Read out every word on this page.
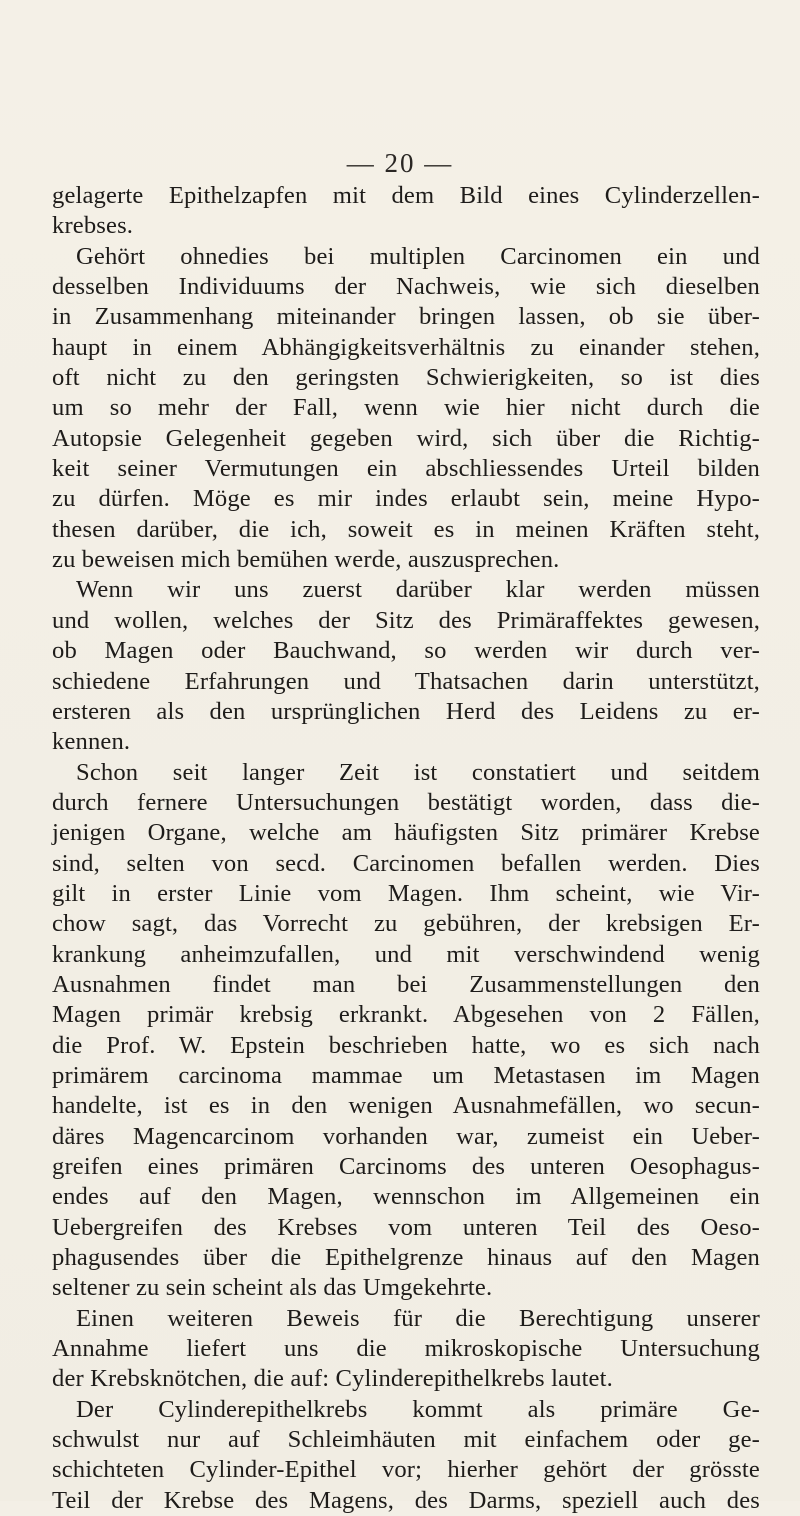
— 20 —
gelagerte Epithelzapfen mit dem Bild eines Cylinderzellen-
krebses.
Gehört ohnedies bei multiplen Carcinomen ein und
desselben Individuums der Nachweis, wie sich dieselben
in Zusammenhang miteinander bringen lassen, ob sie über-
haupt in einem Abhängigkeitsverhältnis zu einander stehen,
oft nicht zu den geringsten Schwierigkeiten, so ist dies
um so mehr der Fall, wenn wie hier nicht durch die
Autopsie Gelegenheit gegeben wird, sich über die Richtig-
keit seiner Vermutungen ein abschliessendes Urteil bilden
zu dürfen. Möge es mir indes erlaubt sein, meine Hypo-
thesen darüber, die ich, soweit es in meinen Kräften steht,
zu beweisen mich bemühen werde, auszusprechen.
Wenn wir uns zuerst darüber klar werden müssen
und wollen, welches der Sitz des Primäraffektes gewesen,
ob Magen oder Bauchwand, so werden wir durch ver-
schiedene Erfahrungen und Thatsachen darin unterstützt,
ersteren als den ursprünglichen Herd des Leidens zu er-
kennen.
Schon seit langer Zeit ist constatiert und seitdem
durch fernere Untersuchungen bestätigt worden, dass die-
jenigen Organe, welche am häufigsten Sitz primärer Krebse
sind, selten von secd. Carcinomen befallen werden. Dies
gilt in erster Linie vom Magen. Ihm scheint, wie Vir-
chow sagt, das Vorrecht zu gebühren, der krebsigen Er-
krankung anheimzufallen, und mit verschwindend wenig
Ausnahmen findet man bei Zusammenstellungen den
Magen primär krebsig erkrankt. Abgesehen von 2 Fällen,
die Prof. W. Epstein beschrieben hatte, wo es sich nach
primärem carcinoma mammae um Metastasen im Magen
handelte, ist es in den wenigen Ausnahmefällen, wo secun-
däres Magencarcinom vorhanden war, zumeist ein Ueber-
greifen eines primären Carcinoms des unteren Oesophagus-
endes auf den Magen, wennschon im Allgemeinen ein
Uebergreifen des Krebses vom unteren Teil des Oeso-
phagusendes über die Epithelgrenze hinaus auf den Magen
seltener zu sein scheint als das Umgekehrte.
Einen weiteren Beweis für die Berechtigung unserer
Annahme liefert uns die mikroskopische Untersuchung
der Krebsknötchen, die auf: Cylinderepithelkrebs lautet.
Der Cylinderepithelkrebs kommt als primäre Ge-
schwulst nur auf Schleimhäuten mit einfachem oder ge-
schichteten Cylinder-Epithel vor; hierher gehört der grösste
Teil der Krebse des Magens, des Darms, speziell auch des
